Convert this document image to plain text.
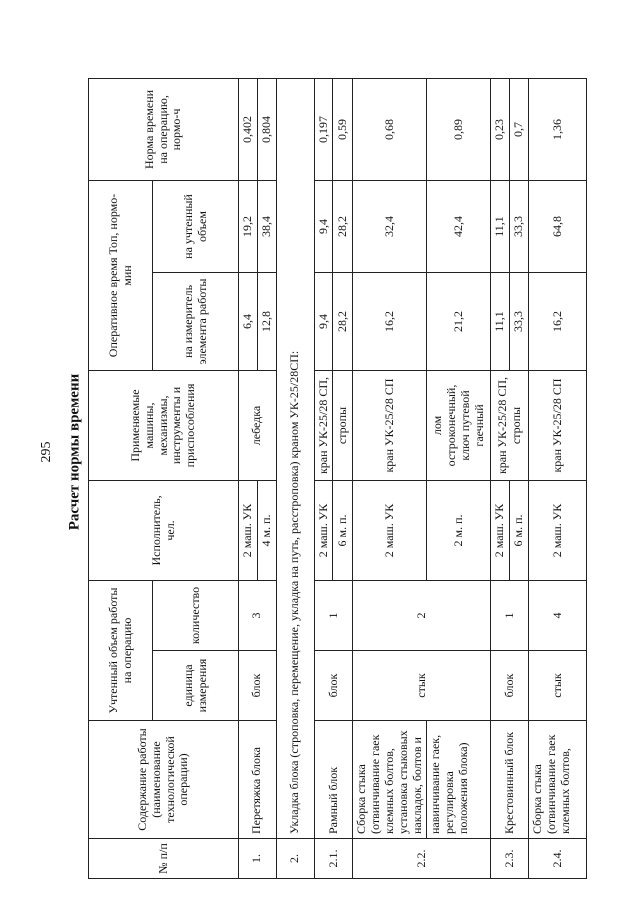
295 Расчет нормы времени
№ п/п	Содержание работы (наименование технологической операции)	Учтенный объем работы на операцию		Исполнитель, чел.	Применяемые машины, механизмы, инструменты и приспособления	Оперативное время Топ, нормо-мин		Норма времени на операцию, нормо-ч
		единица измерения	количество			на измеритель элемента работы	на учтенный объем	
1.	Перетяжка блока	блок	3	2 маш. УК	лебедка	6,4	19,2	0,402
				4 м. п.		12,8	38,4	0,804
2.	Укладка блока (строповка, перемещение, укладка на путь, расстроповка) краном УК-25/28СП:							
2.1.	Рамный блок	блок	1	2 маш. УК	кран УК-25/28 СП,	9,4	9,4	0,197
				6 м. п.	стропы	28,2	28,2	0,59
2.2.	Сборка стыка (отвинчивание гаек клемных болтов, установка стыковых накладок, болтов и	стык	2	2 маш. УК	кран УК-25/28 СП	16,2	32,4	0,68
	навинчивание гаек, регулировка положения блока)			2 м. п.	лом остроконечный, ключ путевой гаечный	21,2	42,4	0,89
2.3.	Крестовинный блок	блок	1	2 маш. УК	кран УК-25/28 СП, стропы	11,1	11,1	0,23
				6 м. п.		33,3	33,3	0,7
2.4.	Сборка стыка (отвинчивание гаек клемных болтов,	стык	4	2 маш. УК	кран УК-25/28 СП	16,2	64,8	1,36
